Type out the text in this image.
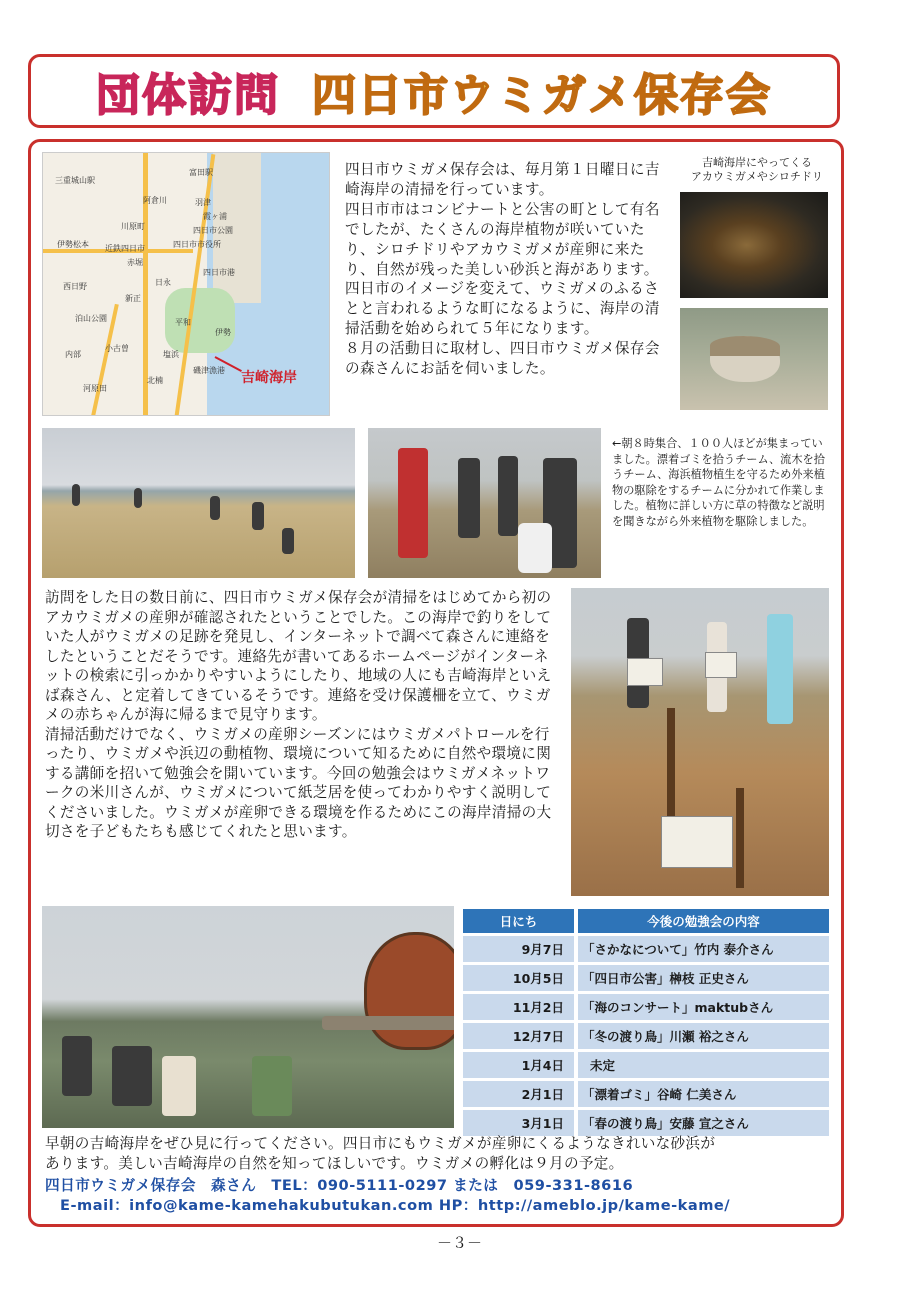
団体訪問 四日市ウミガメ保存会
三重城山駅
富田駅
阿倉川
川原町
霞ヶ浦
羽津
四日市公園
伊勢松本 近鉄四日市
赤堀
四日市市役所
日永
四日市港
西日野
新正
泊山公園	平和
伊勢
内部
小古曽
塩浜
河原田
北楠
磯津漁港 吉崎海岸

四日市ウミガメ保存会は、毎月第１日曜日に吉崎海岸の清掃を行っています。

四日市市はコンビナートと公害の町として有名でしたが、たくさんの海岸植物が咲いていたり、シロチドリやアカウミガメが産卵に来たり、自然が残った美しい砂浜と海があります。四日市のイメージを変えて、ウミガメのふるさとと言われるような町になるように、海岸の清掃活動を始められて５年になります。

８月の活動日に取材し、四日市ウミガメ保存会の森さんにお話を伺いました。

吉崎海岸にやってくる
アカウミガメやシロチドリ
←朝８時集合、１００人ほどが集まっていました。漂着ゴミを拾うチーム、流木を拾うチーム、海浜植物植生を守るため外来植物の駆除をするチームに分かれて作業しました。植物に詳しい方に草の特徴など説明を聞きながら外来植物を駆除しました。

訪問をした日の数日前に、四日市ウミガメ保存会が清掃をはじめてから初のアカウミガメの産卵が確認されたということでした。この海岸で釣りをしていた人がウミガメの足跡を発見し、インターネットで調べて森さんに連絡をしたということだそうです。連絡先が書いてあるホームページがインターネットの検索に引っかかりやすいようにしたり、地域の人にも吉崎海岸といえば森さん、と定着してきているそうです。連絡を受け保護柵を立て、ウミガメの赤ちゃんが海に帰るまで見守ります。

清掃活動だけでなく、ウミガメの産卵シーズンにはウミガメパトロールを行ったり、ウミガメや浜辺の動植物、環境について知るために自然や環境に関する講師を招いて勉強会を開いています。今回の勉強会はウミガメネットワークの米川さんが、ウミガメについて紙芝居を使ってわかりやすく説明してくださいました。ウミガメが産卵できる環境を作るためにこの海岸清掃の大切さを子どもたちも感じてくれたと思います。

日にち		今後の勉強会の内容
9月7日		「さかなについて」竹内 泰介さん
10月5日		「四日市公害」榊枝 正史さん
11月2日		「海のコンサート」maktubさん
12月7日		「冬の渡り鳥」川瀬 裕之さん
1月4日		未定
2月1日		「漂着ゴミ」谷崎 仁美さん
3月1日		「春の渡り鳥」安藤 宣之さん

早朝の吉崎海岸をぜひ見に行ってください。四日市にもウミガメが産卵にくるようなきれいな砂浜が

あります。美しい吉崎海岸の自然を知ってほしいです。ウミガメの孵化は９月の予定。

四日市ウミガメ保存会　森さん　TEL：090-5111-0297 または　059-331-8616
E-mail：info@kame-kamehakubutukan.com HP：http://ameblo.jp/kame-kame/
－３－
